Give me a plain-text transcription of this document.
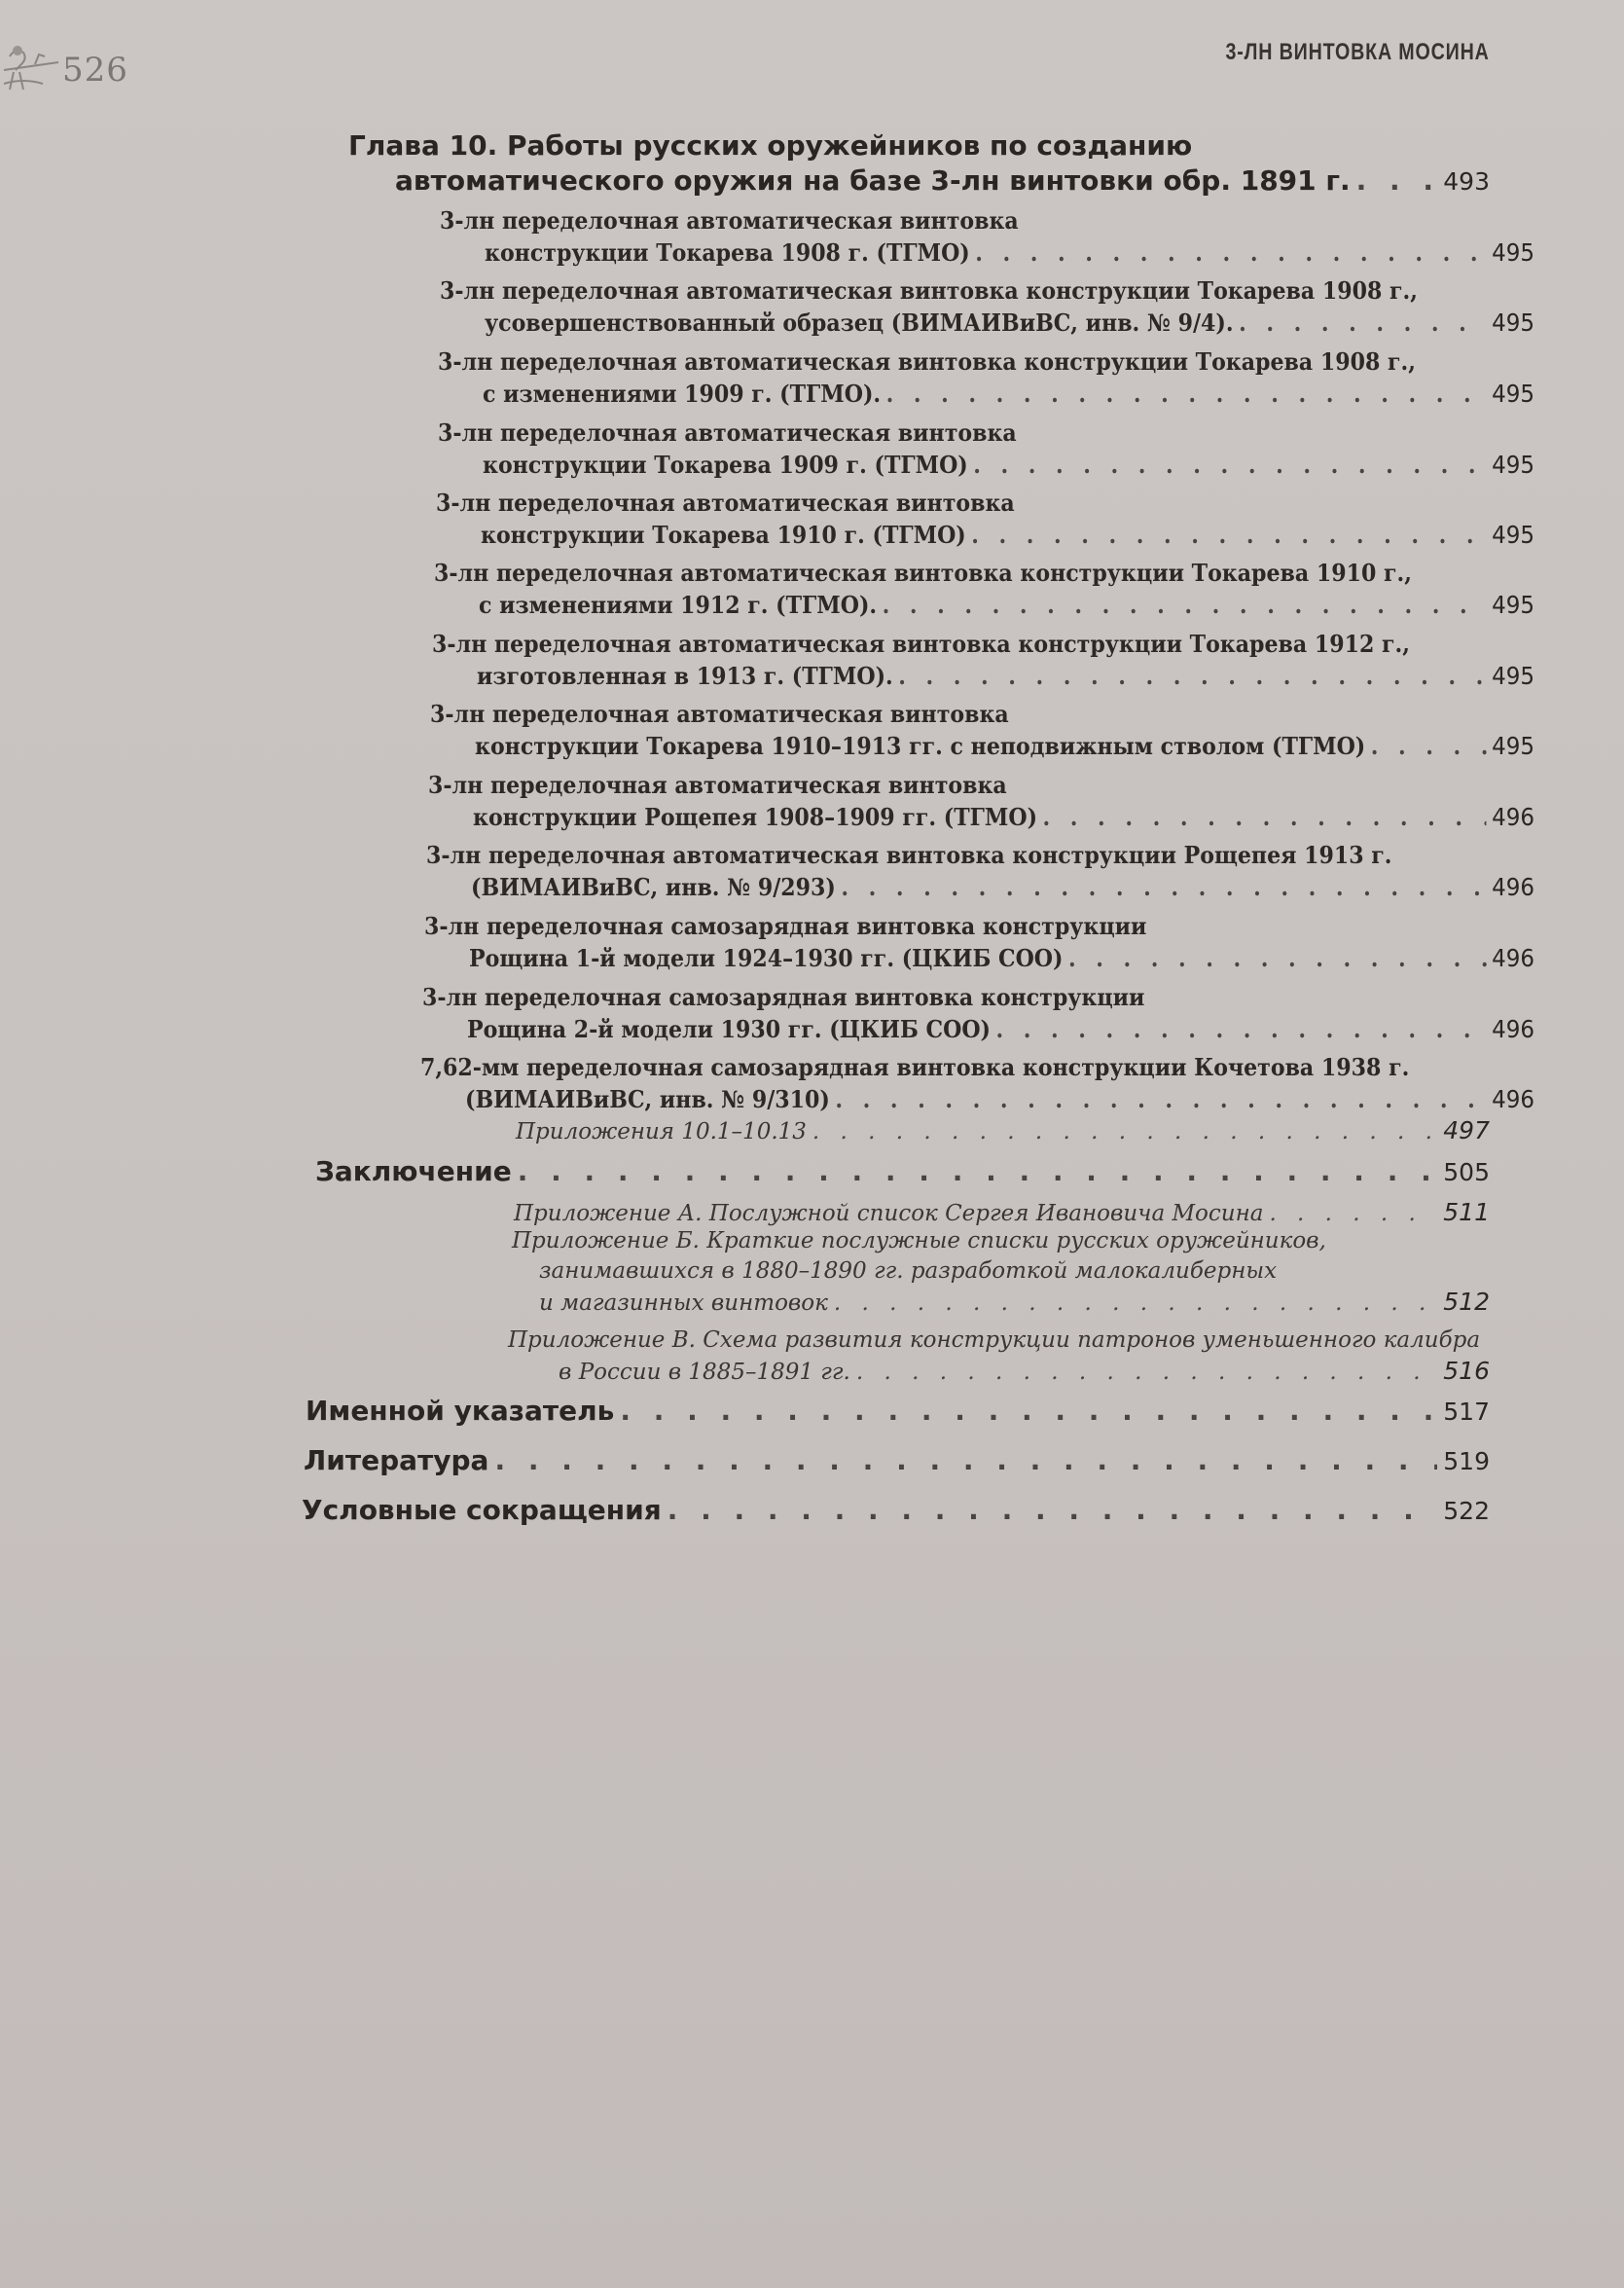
526	3-ЛН ВИНТОВКА МОСИНА
Глава 10. Работы русских оружейников по созданию
автоматического оружия на базе 3-лн винтовки обр. 1891 г. . . .	493
3-лн переделочная автоматическая винтовка
конструкции Токарева 1908 г. (ТГМО) . . .	495
3-лн переделочная автоматическая винтовка конструкции Токарева 1908 г.,
усовершенствованный образец (ВИМАИВиВС, инв. № 9/4). . . .	495
3-лн переделочная автоматическая винтовка конструкции Токарева 1908 г.,
с изменениями 1909 г. (ТГМО). . . .	495
3-лн переделочная автоматическая винтовка
конструкции Токарева 1909 г. (ТГМО) . . .	495
3-лн переделочная автоматическая винтовка
конструкции Токарева 1910 г. (ТГМО) . . .	495
3-лн переделочная автоматическая винтовка конструкции Токарева 1910 г.,
с изменениями 1912 г. (ТГМО). . . .	495
3-лн переделочная автоматическая винтовка конструкции Токарева 1912 г.,
изготовленная в 1913 г. (ТГМО). . . .	495
3-лн переделочная автоматическая винтовка
конструкции Токарева 1910–1913 гг. с неподвижным стволом (ТГМО) . . .	495
3-лн переделочная автоматическая винтовка
конструкции Рощепея 1908–1909 гг. (ТГМО) . . .	496
3-лн переделочная автоматическая винтовка конструкции Рощепея 1913 г.
(ВИМАИВиВС, инв. № 9/293) . . .	496
3-лн переделочная самозарядная винтовка конструкции
Рощина 1-й модели 1924–1930 гг. (ЦКИБ СОО) . . .	496
3-лн переделочная самозарядная винтовка конструкции
Рощина 2-й модели 1930 гг. (ЦКИБ СОО) . . .	496
7,62-мм переделочная самозарядная винтовка конструкции Кочетова 1938 г.
(ВИМАИВиВС, инв. № 9/310) . . .	496
Приложения 10.1–10.13 . . .	497
Заключение . . .	505
Приложение А. Послужной список Сергея Ивановича Мосина . . .	511
Приложение Б. Краткие послужные списки русских оружейников,
занимавшихся в 1880–1890 гг. разработкой малокалиберных
и магазинных винтовок . . .	512
Приложение В. Схема развития конструкции патронов уменьшенного калибра
в России в 1885–1891 гг. . . .	516
Именной указатель . . .	517
Литература . . .	519
Условные сокращения . . .	522
